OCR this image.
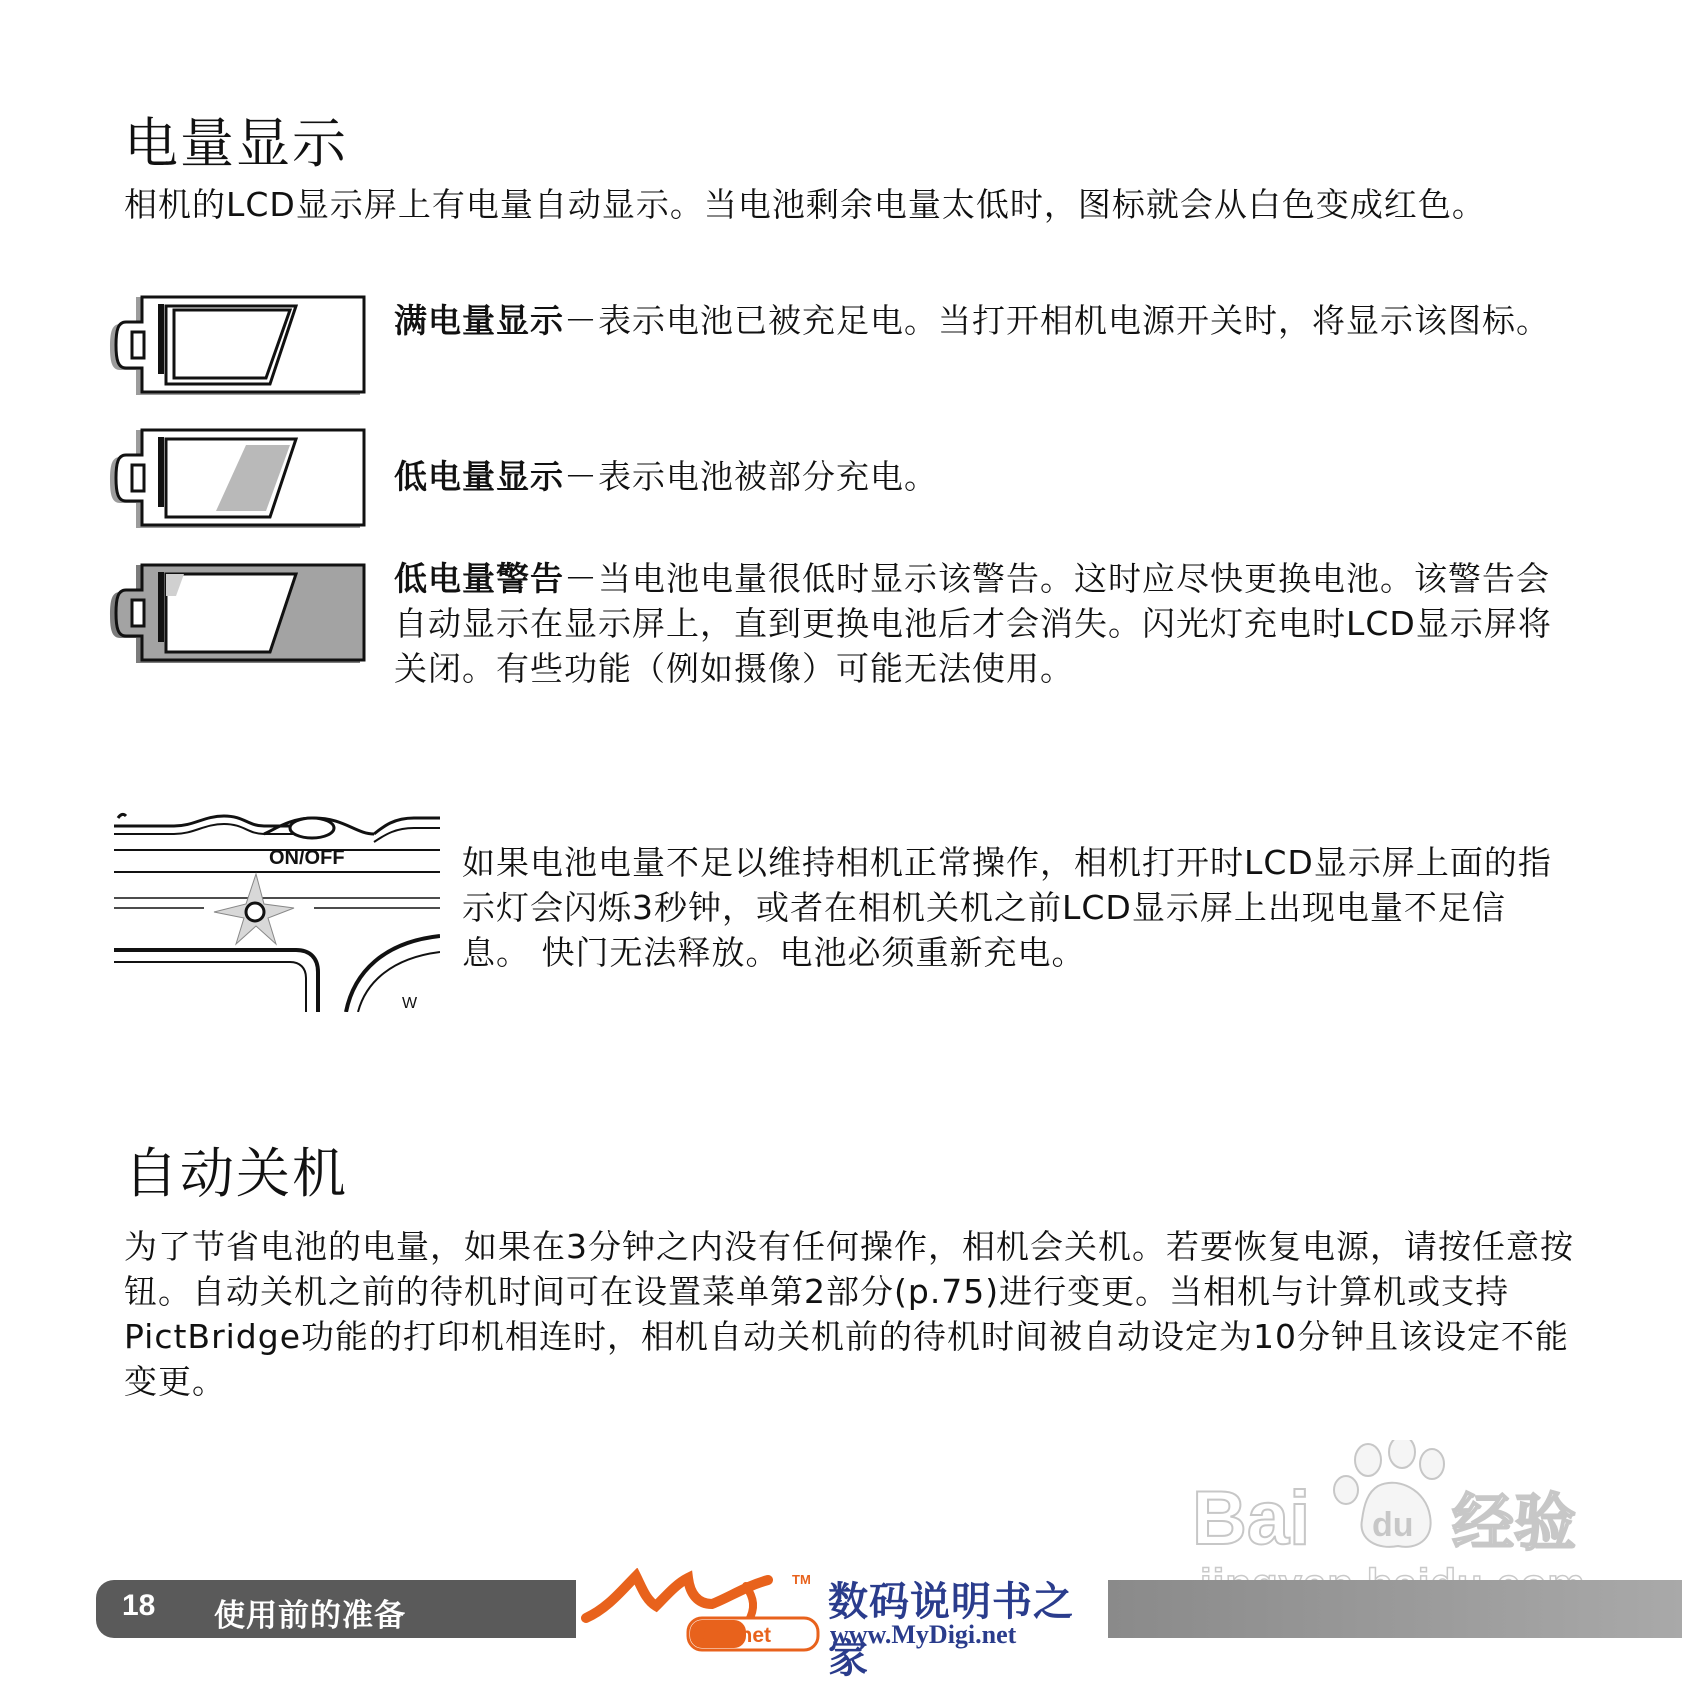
电量显示

相机的LCD显示屏上有电量自动显示。当电池剩余电量太低时，图标就会从白色变成红色。

满电量显示－表示电池已被充足电。当打开相机电源开关时，将显示该图标。

低电量显示－表示电池被部分充电。

低电量警告－当电池电量很低时显示该警告。这时应尽快更换电池。该警告会自动显示在显示屏上，直到更换电池后才会消失。闪光灯充电时LCD显示屏将关闭。有些功能（例如摄像）可能无法使用。

ON/OFF
W

如果电池电量不足以维持相机正常操作，相机打开时LCD显示屏上面的指示灯会闪烁3秒钟，或者在相机关机之前LCD显示屏上出现电量不足信息。 快门无法释放。电池必须重新充电。

自动关机

为了节省电池的电量，如果在3分钟之内没有任何操作，相机会关机。若要恢复电源，请按任意按钮。自动关机之前的待机时间可在设置菜单第2部分(p.75)进行变更。当相机与计算机或支持PictBridge功能的打印机相连时，相机自动关机前的待机时间被自动设定为10分钟且该设定不能变更。

Bai du 经验
18 使用前的准备
TM
Digi.net
数码说明书之家
www.MyDigi.net
